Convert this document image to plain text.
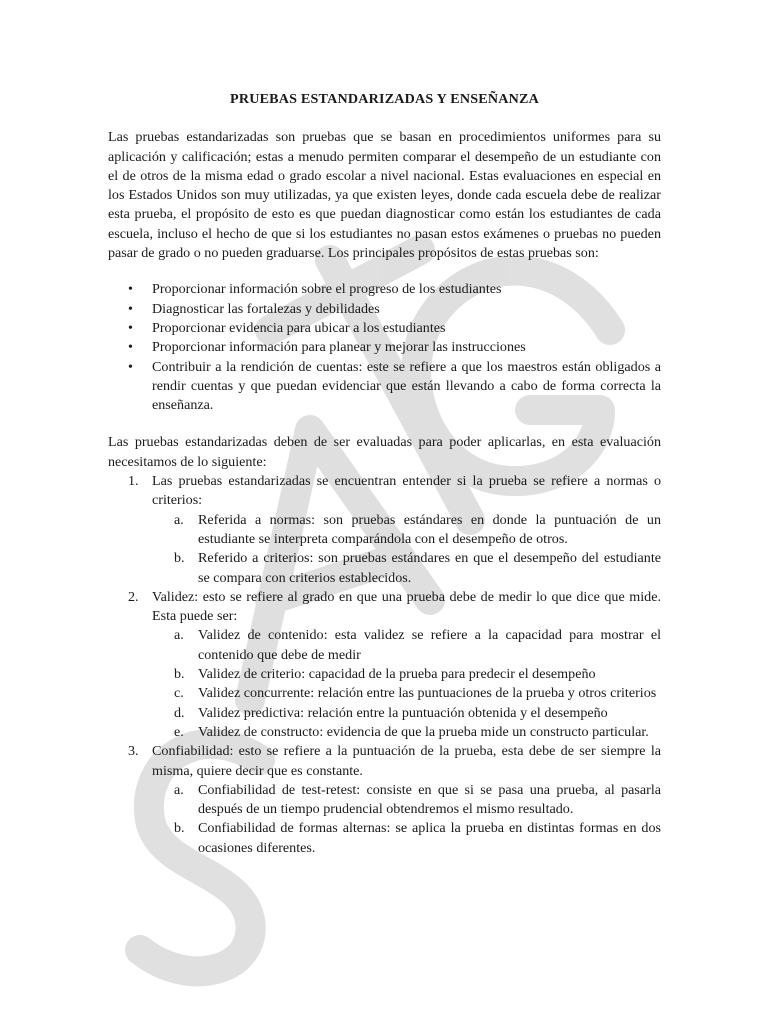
PRUEBAS ESTANDARIZADAS Y ENSEÑANZA

Las pruebas estandarizadas son pruebas que se basan en procedimientos uniformes para su aplicación y calificación; estas a menudo permiten comparar el desempeño de un estudiante con el de otros de la misma edad o grado escolar a nivel nacional. Estas evaluaciones en especial en los Estados Unidos son muy utilizadas, ya que existen leyes, donde cada escuela debe de realizar esta prueba, el propósito de esto es que puedan diagnosticar como están los estudiantes de cada escuela, incluso el hecho de que si los estudiantes no pasan estos exámenes o pruebas no pueden pasar de grado o no pueden graduarse. Los principales propósitos de estas pruebas son:

•	Proporcionar información sobre el progreso de los estudiantes
•	Diagnosticar las fortalezas y debilidades
•	Proporcionar evidencia para ubicar a los estudiantes
•	Proporcionar información para planear y mejorar las instrucciones
•	Contribuir a la rendición de cuentas: este se refiere a que los maestros están obligados a rendir cuentas y que puedan evidenciar que están llevando a cabo de forma correcta la enseñanza.

Las pruebas estandarizadas deben de ser evaluadas para poder aplicarlas, en esta evaluación necesitamos de lo siguiente:

1. Las pruebas estandarizadas se encuentran entender si la prueba se refiere a normas o criterios:
a. Referida a normas: son pruebas estándares en donde la puntuación de un estudiante se interpreta comparándola con el desempeño de otros.
b. Referido a criterios: son pruebas estándares en que el desempeño del estudiante se compara con criterios establecidos.
2. Validez: esto se refiere al grado en que una prueba debe de medir lo que dice que mide. Esta puede ser:
a. Validez de contenido: esta validez se refiere a la capacidad para mostrar el contenido que debe de medir
b. Validez de criterio: capacidad de la prueba para predecir el desempeño
c. Validez concurrente: relación entre las puntuaciones de la prueba y otros criterios
d. Validez predictiva: relación entre la puntuación obtenida y el desempeño
e. Validez de constructo: evidencia de que la prueba mide un constructo particular.
3. Confiabilidad: esto se refiere a la puntuación de la prueba, esta debe de ser siempre la misma, quiere decir que es constante.
a. Confiabilidad de test-retest: consiste en que si se pasa una prueba, al pasarla después de un tiempo prudencial obtendremos el mismo resultado.
b. Confiabilidad de formas alternas: se aplica la prueba en distintas formas en dos ocasiones diferentes.
